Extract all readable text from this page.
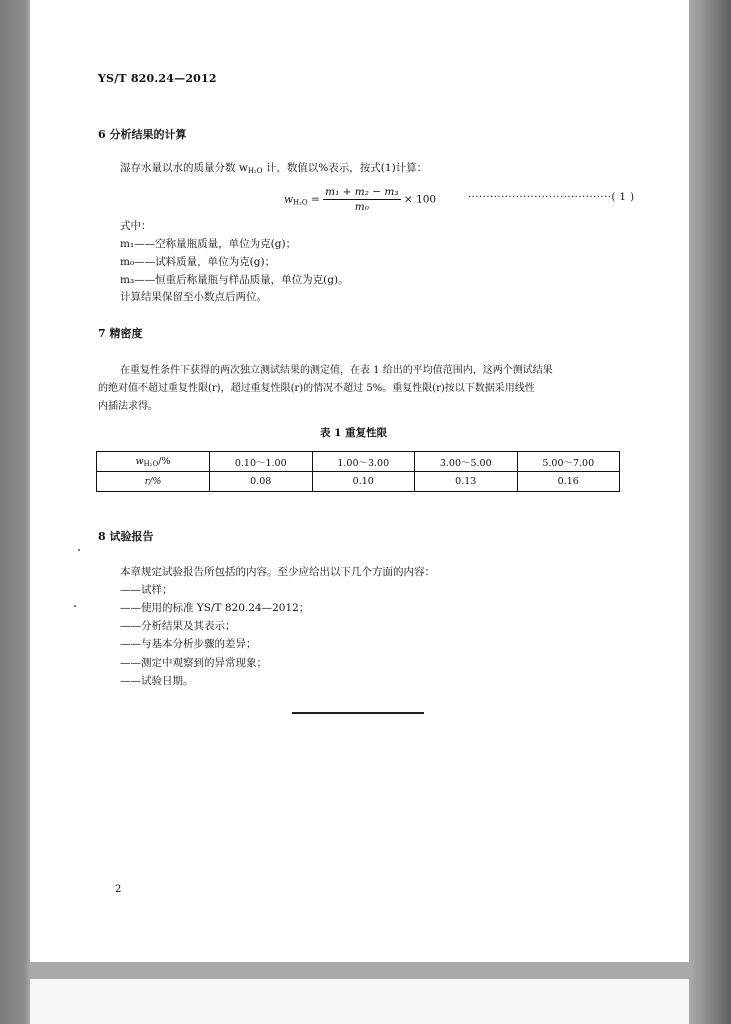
YS/T 820.24—2012
6 分析结果的计算
湿存水量以水的质量分数 $w_{H_2O}$ 计，数值以%表示，按式(1)计算：
$w_{H_2O} = \frac{\text{m₁ + m₂ − m₃}}{\text{m₀}} \times 100$	·······································( 1 )
式中：
m₁——空称量瓶质量，单位为克(g)；
m₀——试料质量，单位为克(g)；
m₃——恒重后称量瓶与样品质量，单位为克(g)。
计算结果保留至小数点后两位。
7 精密度
在重复性条件下获得的两次独立测试结果的测定值，在表 1 给出的平均值范围内，这两个测试结果
的绝对值不超过重复性限(r)，超过重复性限(r)的情况不超过 5%。重复性限(r)按以下数据采用线性
内插法求得。
表 1 重复性限
$w_{H_2O}/\%$	0.10～1.00	1.00～3.00	3.00～5.00	5.00～7.00
r/%	0.08	0.10	0.13	0.16
8 试验报告
本章规定试验报告所包括的内容。至少应给出以下几个方面的内容：
——试样；
——使用的标准 YS/T 820.24—2012；
——分析结果及其表示；
——与基本分析步骤的差异；
——测定中观察到的异常现象；
——试验日期。
2
